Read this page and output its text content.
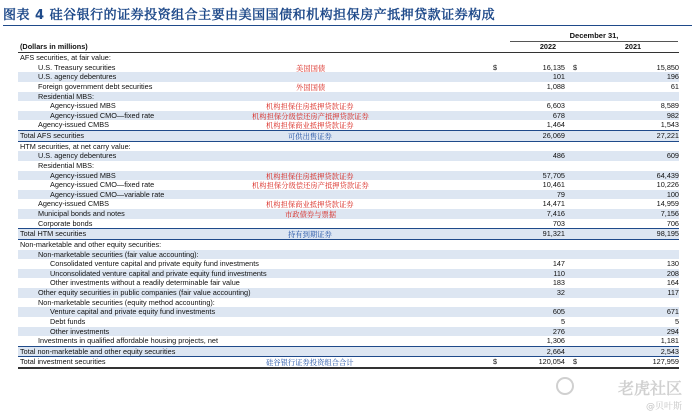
图表 4 硅谷银行的证券投资组合主要由美国国债和机构担保房产抵押贷款证券构成
December 31,
(Dollars in millions)	2022	2021
AFS securities, at fair value:				
U.S. Treasury securities	$	16,135	$	15,850
U.S. agency debentures		101		196
Foreign government debt securities		1,088		61
Residential MBS:				
Agency-issued MBS		6,603		8,589
Agency-issued CMO—fixed rate		678		982
Agency-issued CMBS		1,464		1,543
Total AFS securities		26,069		27,221
HTM securities, at net carry value:				
U.S. agency debentures		486		609
Residential MBS:				
Agency-issued MBS		57,705		64,439
Agency-issued CMO—fixed rate		10,461		10,226
Agency-issued CMO—variable rate		79		100
Agency-issued CMBS		14,471		14,959
Municipal bonds and notes		7,416		7,156
Corporate bonds		703		706
Total HTM securities		91,321		98,195
Non-marketable and other equity securities:				
Non-marketable securities (fair value accounting):				
Consolidated venture capital and private equity fund investments		147		130
Unconsolidated venture capital and private equity fund investments		110		208
Other investments without a readily determinable fair value		183		164
Other equity securities in public companies (fair value accounting)		32		117
Non-marketable securities (equity method accounting):				
Venture capital and private equity fund investments		605		671
Debt funds		5		5
Other investments		276		294
Investments in qualified affordable housing projects, net		1,306		1,181
Total non-marketable and other equity securities		2,664		2,543
Total investment securities	$	120,054	$	127,959
美国国债
外国国债
机构担保住房抵押贷款证券
机构担保分级偿还房产抵押贷款证券
机构担保商业抵押贷款证券
可供出售证券
机构担保住房抵押贷款证券
机构担保分级偿还房产抵押贷款证券
机构担保商业抵押贷款证券
市政债券与票据
持有到期证券
硅谷银行证券投资组合合计
老虎社区
@贝叶斯
